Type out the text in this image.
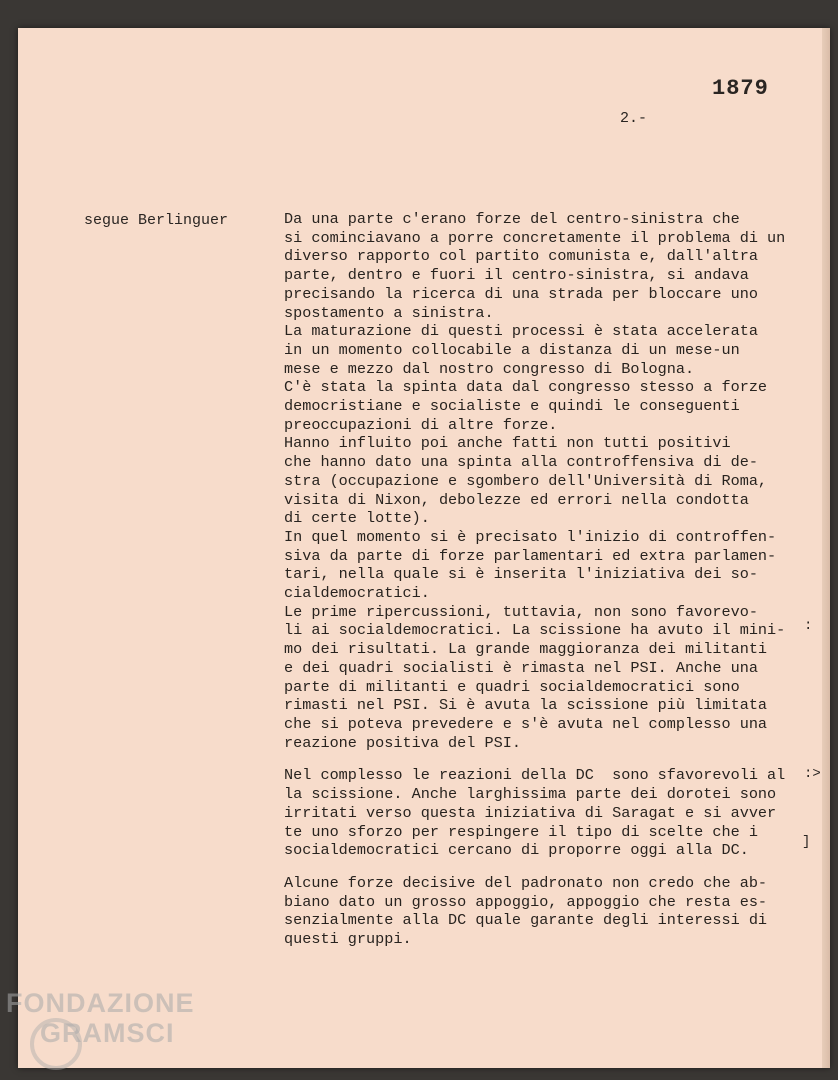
1879
2.-
segue Berlinguer	Da una parte c'erano forze del centro-sinistra che
si cominciavano a porre concretamente il problema di un
diverso rapporto col partito comunista e, dall'altra
parte, dentro e fuori il centro-sinistra, si andava
precisando la ricerca di una strada per bloccare uno
spostamento a sinistra.
La maturazione di questi processi è stata accelerata
in un momento collocabile a distanza di un mese-un
mese e mezzo dal nostro congresso di Bologna.
C'è stata la spinta data dal congresso stesso a forze
democristiane e socialiste e quindi le conseguenti
preoccupazioni di altre forze.
Hanno influito poi anche fatti non tutti positivi
che hanno dato una spinta alla controffensiva di de-
stra (occupazione e sgombero dell'Università di Roma,
visita di Nixon, debolezze ed errori nella condotta
di certe lotte).
In quel momento si è precisato l'inizio di controffen-
siva da parte di forze parlamentari ed extra parlamen-
tari, nella quale si è inserita l'iniziativa dei so-
cialdemocratici.
Le prime ripercussioni, tuttavia, non sono favorevo-
li ai socialdemocratici. La scissione ha avuto il mini-
mo dei risultati. La grande maggioranza dei militanti
e dei quadri socialisti è rimasta nel PSI. Anche una
parte di militanti e quadri socialdemocratici sono
rimasti nel PSI. Si è avuta la scissione più limitata
che si poteva prevedere e s'è avuta nel complesso una
reazione positiva del PSI.
Nel complesso le reazioni della DC  sono sfavorevoli al
la scissione. Anche larghissima parte dei dorotei sono
irritati verso questa iniziativa di Saragat e si avver
te uno sforzo per respingere il tipo di scelte che i
socialdemocratici cercano di proporre oggi alla DC.
Alcune forze decisive del padronato non credo che ab-
biano dato un grosso appoggio, appoggio che resta es-
senzialmente alla DC quale garante degli interessi di
questi gruppi.
:
:>
]
FONDAZIONE
GRAMSCI
